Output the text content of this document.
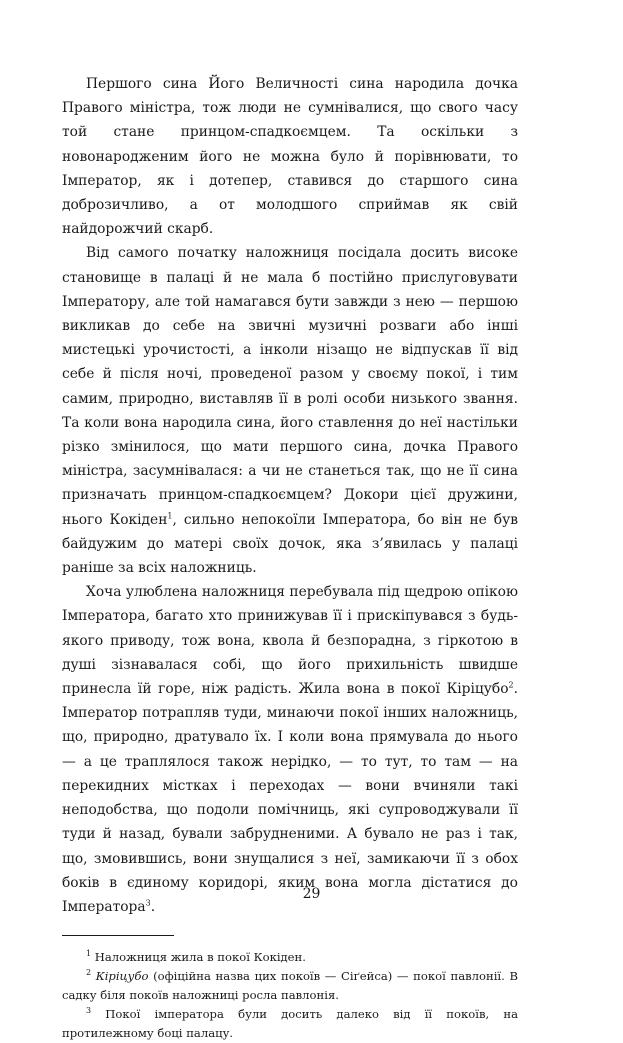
Першого сина Його Величності сина народила дочка Правого міністра, тож люди не сумнівалися, що свого часу той стане принцом-спадкоємцем. Та оскільки з новонародженим його не можна було й порівнювати, то Імператор, як і дотепер, ставився до старшого сина доброзичливо, а от молодшого сприймав як свій найдорожчий скарб.

Від самого початку наложниця посідала досить високе становище в палаці й не мала б постійно прислуговувати Імператору, але той намагався бути завжди з нею — першою викликав до себе на звичні музичні розваги або інші мистецькі урочистості, а інколи нізащо не відпускав її від себе й після ночі, проведеної разом у своєму покої, і тим самим, природно, виставляв її в ролі особи низького звання. Та коли вона народила сина, його ставлення до неї настільки різко змінилося, що мати першого сина, дочка Правого міністра, засумнівалася: а чи не станеться так, що не її сина призначать принцом-спадкоємцем? Докори цієї дружини, нього Кокіден$^1$, сильно непокоїли Імператора, бо він не був байдужим до матері своїх дочок, яка з’явилась у палаці раніше за всіх наложниць.

Хоча улюблена наложниця перебувала під щедрою опікою Імператора, багато хто принижував її і прискіпувався з будь-якого приводу, тож вона, квола й безпорадна, з гіркотою в душі зізнавалася собі, що його прихильність швидше принесла їй горе, ніж радість. Жила вона в покої Кіріцубо$^2$. Імператор потрапляв туди, минаючи покої інших наложниць, що, природно, дратувало їх. І коли вона прямувала до нього — а це траплялося також нерідко, — то тут, то там — на перекидних містках і переходах — вони вчиняли такі неподобства, що подоли помічниць, які супроводжували її туди й назад, бували забрудненими. А бувало не раз і так, що, змовившись, вони знущалися з неї, замикаючи її з обох боків в єдиному коридорі, яким вона могла дістатися до Імператора$^3$.

$^1$ Наложниця жила в покої Кокіден.

$^2$ Кіріцубо (офіційна назва цих покоїв — Сіґейса) — покої павлонії. В садку біля покоїв наложниці росла павлонія.

$^3$ Покої імператора були досить далеко від її покоїв, на протилежному боці палацу.

29
